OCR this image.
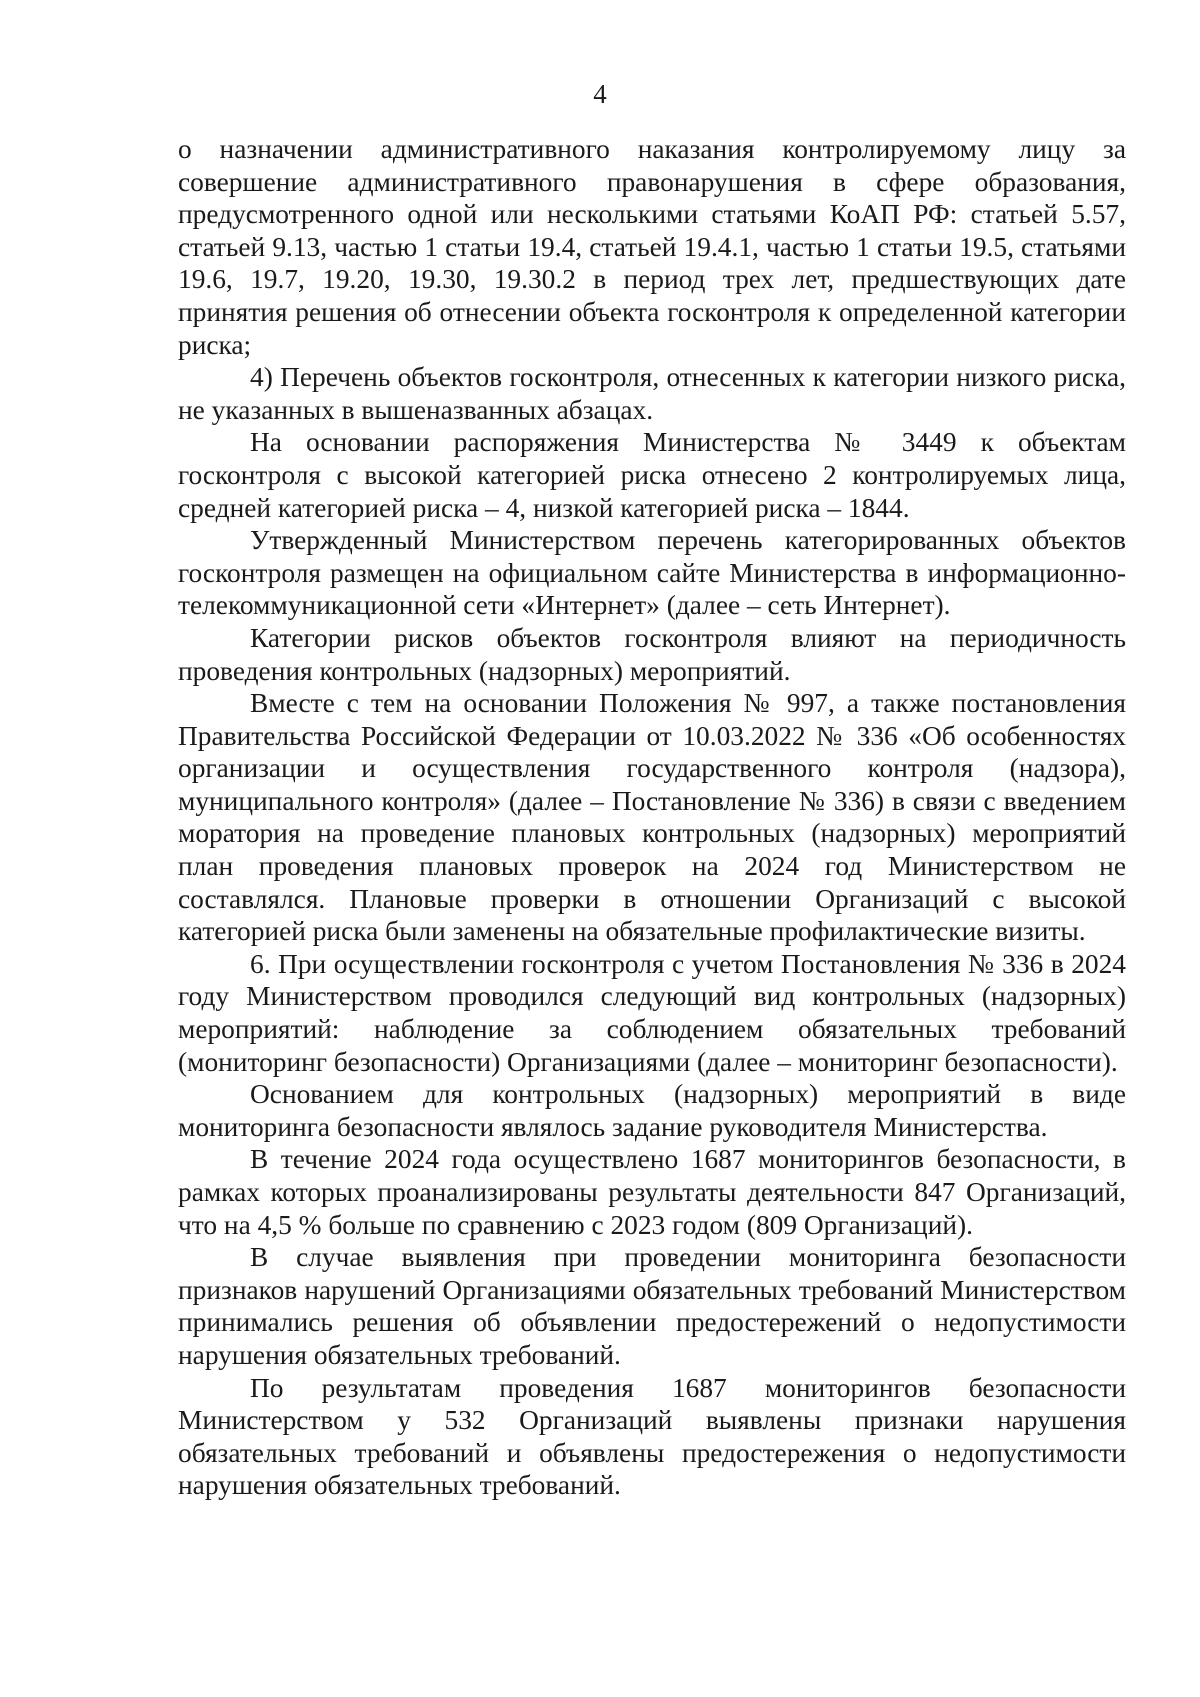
4

о назначении административного наказания контролируемому лицу за совершение административного правонарушения в сфере образования, предусмотренного одной или несколькими статьями КоАП РФ: статьей 5.57, статьей 9.13, частью 1 статьи 19.4, статьей 19.4.1, частью 1 статьи 19.5, статьями 19.6, 19.7, 19.20, 19.30, 19.30.2 в период трех лет, предшествующих дате принятия решения об отнесении объекта госконтроля к определенной категории риска;

4) Перечень объектов госконтроля, отнесенных к категории низкого риска, не указанных в вышеназванных абзацах.

На основании распоряжения Министерства № 3449 к объектам госконтроля с высокой категорией риска отнесено 2 контролируемых лица, средней категорией риска – 4, низкой категорией риска – 1844.

Утвержденный Министерством перечень категорированных объектов госконтроля размещен на официальном сайте Министерства в информационно-телекоммуникационной сети «Интернет» (далее – сеть Интернет).

Категории рисков объектов госконтроля влияют на периодичность проведения контрольных (надзорных) мероприятий.

Вместе с тем на основании Положения № 997, а также постановления Правительства Российской Федерации от 10.03.2022 № 336 «Об особенностях организации и осуществления государственного контроля (надзора), муниципального контроля» (далее – Постановление № 336) в связи с введением моратория на проведение плановых контрольных (надзорных) мероприятий план проведения плановых проверок на 2024 год Министерством не составлялся. Плановые проверки в отношении Организаций с высокой категорией риска были заменены на обязательные профилактические визиты.

6. При осуществлении госконтроля с учетом Постановления № 336 в 2024 году Министерством проводился следующий вид контрольных (надзорных) мероприятий: наблюдение за соблюдением обязательных требований (мониторинг безопасности) Организациями (далее – мониторинг безопасности).

Основанием для контрольных (надзорных) мероприятий в виде мониторинга безопасности являлось задание руководителя Министерства.

В течение 2024 года осуществлено 1687 мониторингов безопасности, в рамках которых проанализированы результаты деятельности 847 Организаций, что на 4,5 % больше по сравнению с 2023 годом (809 Организаций).

В случае выявления при проведении мониторинга безопасности признаков нарушений Организациями обязательных требований Министерством принимались решения об объявлении предостережений о недопустимости нарушения обязательных требований.

По результатам проведения 1687 мониторингов безопасности Министерством у 532 Организаций выявлены признаки нарушения обязательных требований и объявлены предостережения о недопустимости нарушения обязательных требований.
